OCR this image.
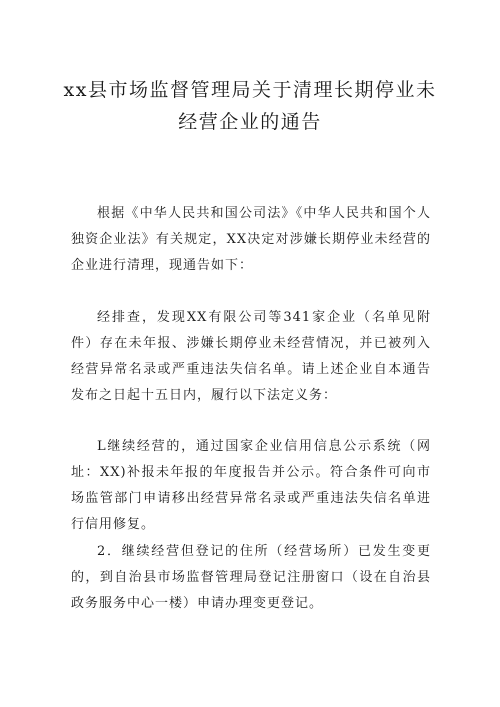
xx县市场监督管理局关于清理长期停业未
经营企业的通告

根据《中华人民共和国公司法》《中华人民共和国个人独资企业法》有关规定，XX决定对涉嫌长期停业未经营的企业进行清理，现通告如下：

经排查，发现XX有限公司等341家企业（名单见附件）存在未年报、涉嫌长期停业未经营情况，并已被列入经营异常名录或严重违法失信名单。请上述企业自本通告发布之日起十五日内，履行以下法定义务：

L继续经营的，通过国家企业信用信息公示系统（网址：XX)补报未年报的年度报告并公示。符合条件可向市场监管部门申请移出经营异常名录或严重违法失信名单进行信用修复。

2．继续经营但登记的住所（经营场所）已发生变更的，到自治县市场监督管理局登记注册窗口（设在自治县政务服务中心一楼）申请办理变更登记。
